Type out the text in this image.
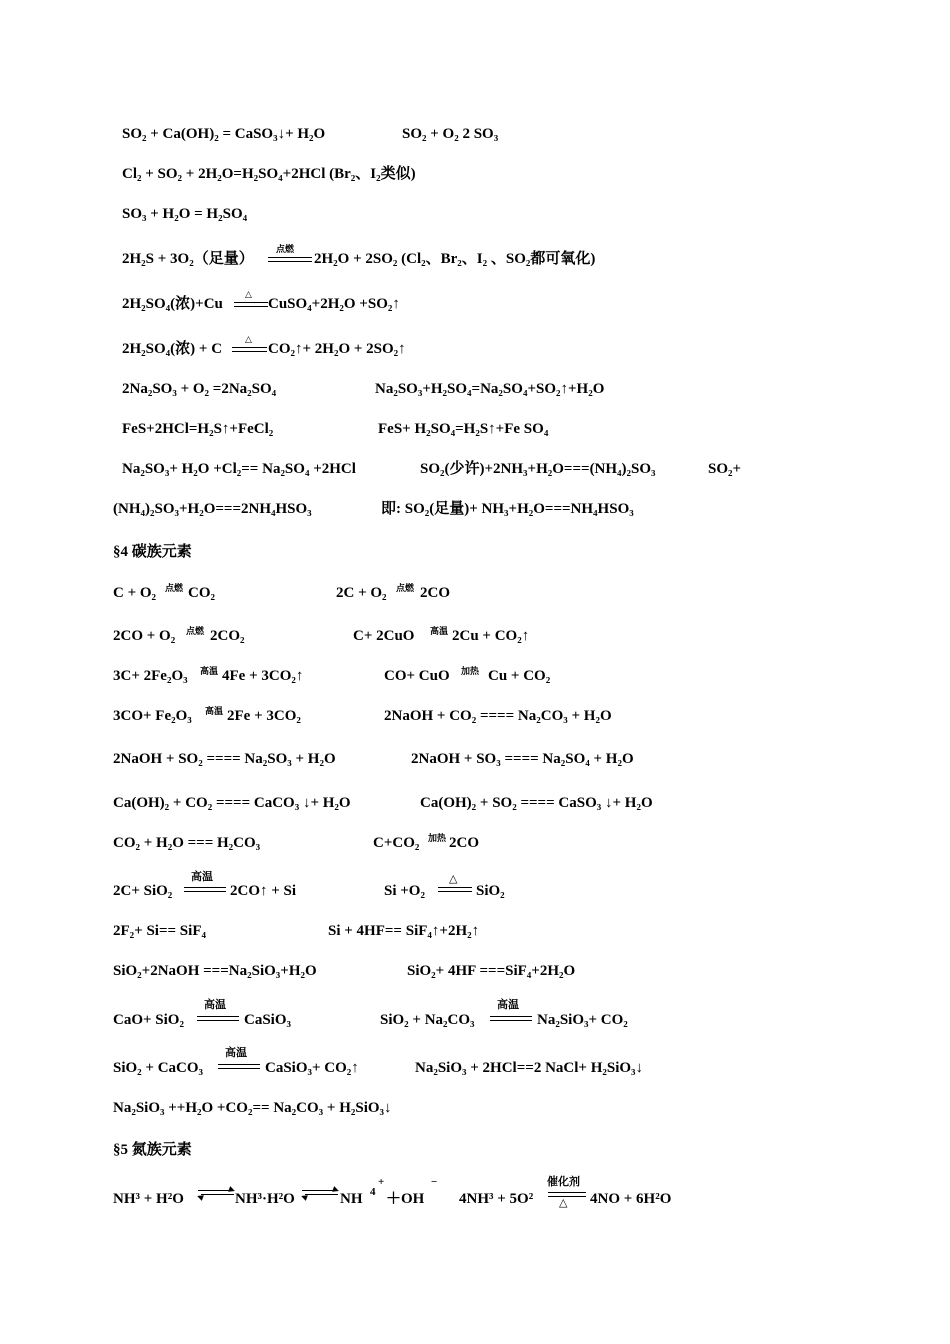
SO₂ + Ca(OH)₂ = CaSO₃↓+ H₂O	SO₂ + O₂ 2 SO₃
Cl₂ + SO₂ + 2H₂O=H₂SO₄+2HCl (Br₂、I₂类似)
SO₃ + H₂O = H₂SO₄
2H₂S + 3O₂（足量）
点燃
2H₂O + 2SO₂ (Cl₂、Br₂、I₂ 、SO₂都可氧化)
2H₂SO₄(浓)+Cu
△
CuSO₄+2H₂O +SO₂↑
2H₂SO₄(浓) + C
△
CO₂↑+ 2H₂O + 2SO₂↑
2Na₂SO₃ + O₂ =2Na₂SO₄	Na₂SO₃+H₂SO₄=Na₂SO₄+SO₂↑+H₂O
FeS+2HCl=H₂S↑+FeCl₂	FeS+ H₂SO₄=H₂S↑+Fe SO₄
Na₂SO₃+ H₂O +Cl₂== Na₂SO₄ +2HCl	SO₂(少许)+2NH₃+H₂O===(NH₄)₂SO₃	SO₂+
(NH₄)₂SO₃+H₂O===2NH₄HSO₃	即: SO₂(足量)+ NH₃+H₂O===NH₄HSO₃
§4 碳族元素
C + O₂ 点燃 CO₂	2C + O₂ 点燃 2CO
2CO + O₂ 点燃 2CO₂	C+ 2CuO 高温 2Cu + CO₂↑
3C+ 2Fe₂O₃ 高温 4Fe + 3CO₂↑	CO+ CuO 加热 Cu + CO₂
3CO+ Fe₂O₃ 高温 2Fe + 3CO₂	2NaOH + CO₂ ==== Na₂CO₃ + H₂O
2NaOH + SO₂ ==== Na₂SO₃ + H₂O	2NaOH + SO₃ ==== Na₂SO₄ + H₂O
Ca(OH)₂ + CO₂ ==== CaCO₃ ↓+ H₂O	Ca(OH)₂ + SO₂ ==== CaSO₃ ↓+ H₂O
CO₂ + H₂O === H₂CO₃	C+CO₂ 加热 2CO
2C+ SiO₂
高温
2CO↑ + Si	Si +O₂
△
SiO₂
2F₂+ Si== SiF₄	Si + 4HF== SiF₄↑+2H₂↑
SiO₂+2NaOH ===Na₂SiO₃+H₂O	SiO₂+ 4HF ===SiF₄+2H₂O
CaO+ SiO₂
高温
CaSiO₃	SiO₂ + Na₂CO₃
高温
Na₂SiO₃+ CO₂
SiO₂ + CaCO₃
高温
CaSiO₃+ CO₂↑	Na₂SiO₃ + 2HCl==2 NaCl+ H₂SiO₃↓
Na₂SiO₃ ++H₂O +CO₂== Na₂CO₃ + H₂SiO₃↓
§5 氮族元素
NH³ + H²O	NH³·H²O	NH 4
+
＋OH
−
4NH³ + 5O²
催化剂
△ 4NO + 6H²O
